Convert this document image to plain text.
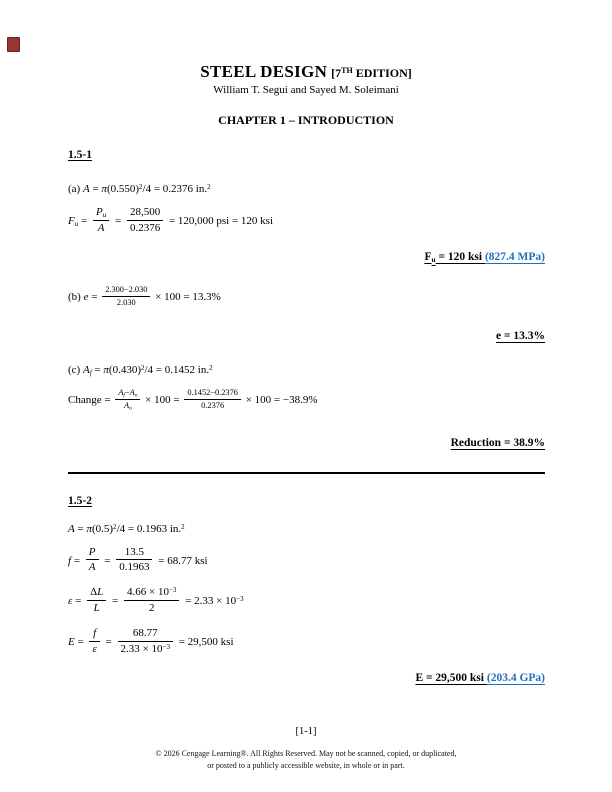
STEEL DESIGN [7TH EDITION]
William T. Segui and Sayed M. Soleimani
CHAPTER 1 – INTRODUCTION
1.5-1
(a) $A = \pi(0.550)^2/4 = 0.2376$ in.$^2$
$F_u = \frac{P_u}{A} = \frac{28,500}{0.2376} = 120,000$ psi = 120 ksi
$F_u = 120$ ksi (827.4 MPa)
(b) $e = \frac{2.300-2.030}{2.030} \times 100 = 13.3\%$
e = 13.3%
(c) $A_f = \pi(0.430)^2/4 = 0.1452$ in.$^2$
Change = $\frac{A_f-A_o}{A_o} \times 100 = \frac{0.1452-0.2376}{0.2376} \times 100 = -38.9\%$
Reduction = 38.9%
1.5-2
$A = \pi(0.5)^2/4 = 0.1963$ in.$^2$
$f = \frac{P}{A} = \frac{13.5}{0.1963} = 68.77$ ksi
$\varepsilon = \frac{\Delta L}{L} = \frac{4.66 \times 10^{-3}}{2} = 2.33 \times 10^{-3}$
$E = \frac{f}{\varepsilon} = \frac{68.77}{2.33 \times 10^{-3}} = 29,500$ ksi
E = 29,500 ksi (203.4 GPa)
[1-1]
© 2026 Cengage Learning®. All Rights Reserved. May not be scanned, copied, or duplicated,
or posted to a publicly accessible website, in whole or in part.
